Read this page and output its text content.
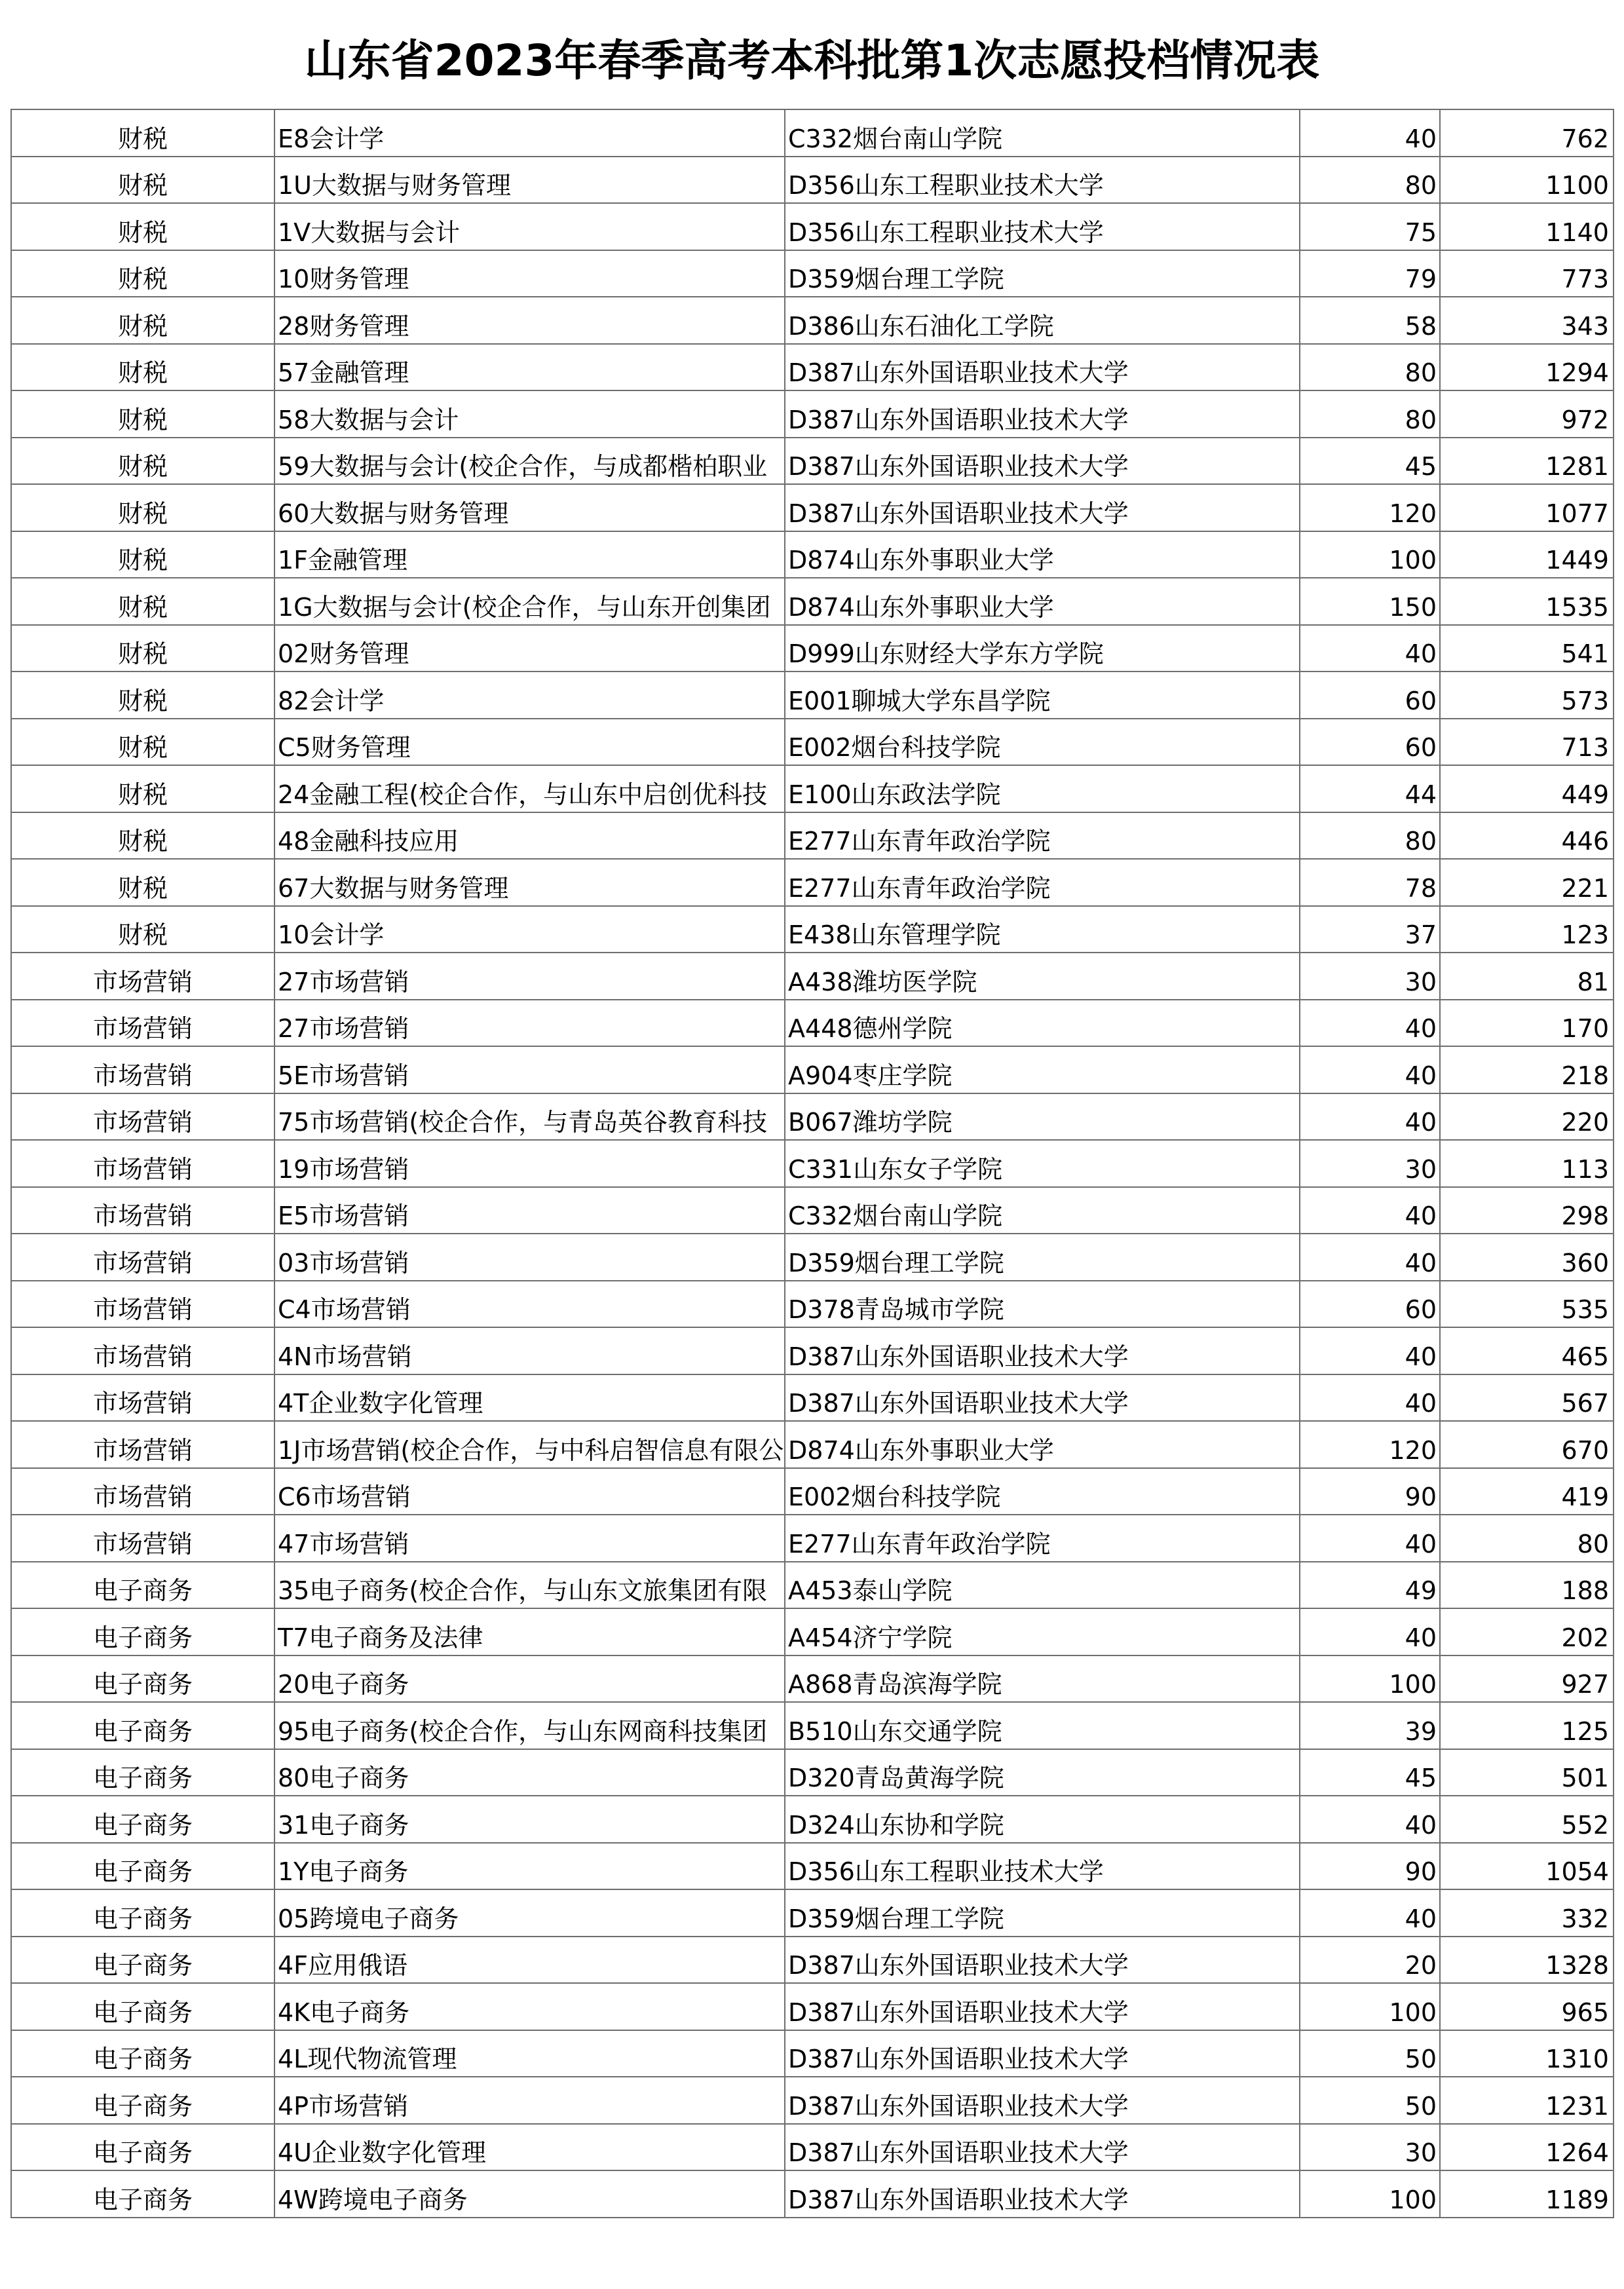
山东省2023年春季高考本科批第1次志愿投档情况表
财税	E8会计学	C332烟台南山学院	40	762
财税	1U大数据与财务管理	D356山东工程职业技术大学	80	1100
财税	1V大数据与会计	D356山东工程职业技术大学	75	1140
财税	10财务管理	D359烟台理工学院	79	773
财税	28财务管理	D386山东石油化工学院	58	343
财税	57金融管理	D387山东外国语职业技术大学	80	1294
财税	58大数据与会计	D387山东外国语职业技术大学	80	972
财税	59大数据与会计(校企合作，与成都楷柏职业	D387山东外国语职业技术大学	45	1281
财税	60大数据与财务管理	D387山东外国语职业技术大学	120	1077
财税	1F金融管理	D874山东外事职业大学	100	1449
财税	1G大数据与会计(校企合作，与山东开创集团	D874山东外事职业大学	150	1535
财税	02财务管理	D999山东财经大学东方学院	40	541
财税	82会计学	E001聊城大学东昌学院	60	573
财税	C5财务管理	E002烟台科技学院	60	713
财税	24金融工程(校企合作，与山东中启创优科技	E100山东政法学院	44	449
财税	48金融科技应用	E277山东青年政治学院	80	446
财税	67大数据与财务管理	E277山东青年政治学院	78	221
财税	10会计学	E438山东管理学院	37	123
市场营销	27市场营销	A438潍坊医学院	30	81
市场营销	27市场营销	A448德州学院	40	170
市场营销	5E市场营销	A904枣庄学院	40	218
市场营销	75市场营销(校企合作，与青岛英谷教育科技	B067潍坊学院	40	220
市场营销	19市场营销	C331山东女子学院	30	113
市场营销	E5市场营销	C332烟台南山学院	40	298
市场营销	03市场营销	D359烟台理工学院	40	360
市场营销	C4市场营销	D378青岛城市学院	60	535
市场营销	4N市场营销	D387山东外国语职业技术大学	40	465
市场营销	4T企业数字化管理	D387山东外国语职业技术大学	40	567
市场营销	1J市场营销(校企合作，与中科启智信息有限公	D874山东外事职业大学	120	670
市场营销	C6市场营销	E002烟台科技学院	90	419
市场营销	47市场营销	E277山东青年政治学院	40	80
电子商务	35电子商务(校企合作，与山东文旅集团有限	A453泰山学院	49	188
电子商务	T7电子商务及法律	A454济宁学院	40	202
电子商务	20电子商务	A868青岛滨海学院	100	927
电子商务	95电子商务(校企合作，与山东网商科技集团	B510山东交通学院	39	125
电子商务	80电子商务	D320青岛黄海学院	45	501
电子商务	31电子商务	D324山东协和学院	40	552
电子商务	1Y电子商务	D356山东工程职业技术大学	90	1054
电子商务	05跨境电子商务	D359烟台理工学院	40	332
电子商务	4F应用俄语	D387山东外国语职业技术大学	20	1328
电子商务	4K电子商务	D387山东外国语职业技术大学	100	965
电子商务	4L现代物流管理	D387山东外国语职业技术大学	50	1310
电子商务	4P市场营销	D387山东外国语职业技术大学	50	1231
电子商务	4U企业数字化管理	D387山东外国语职业技术大学	30	1264
电子商务	4W跨境电子商务	D387山东外国语职业技术大学	100	1189
